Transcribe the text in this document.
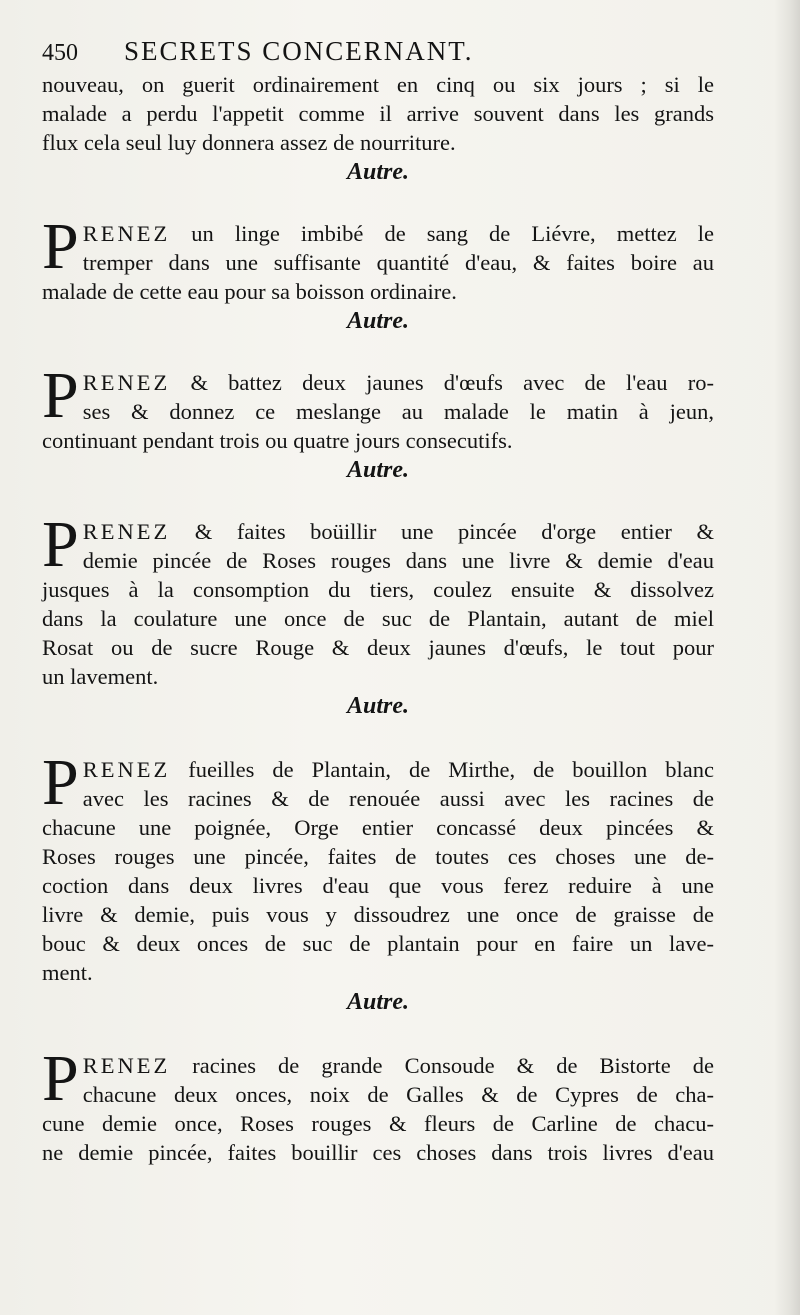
450	SECRETS CONCERNANT.

nouveau, on guerit ordinairement en cinq ou six jours ; si le

malade a perdu l'appetit comme il arrive souvent dans les grands

flux cela seul luy donnera assez de nourriture.

Autre.
P RENEZ un linge imbibé de sang de Liévre, mettez le

tremper dans une suffisante quantité d'eau, & faites boire au

malade de cette eau pour sa boisson ordinaire.

Autre.
P RENEZ & battez deux jaunes d'œufs avec de l'eau ro-

ses & donnez ce meslange au malade le matin à jeun,

continuant pendant trois ou quatre jours consecutifs.

Autre.
P RENEZ & faites boüillir une pincée d'orge entier &

demie pincée de Roses rouges dans une livre & demie d'eau

jusques à la consomption du tiers, coulez ensuite & dissolvez

dans la coulature une once de suc de Plantain, autant de miel

Rosat ou de sucre Rouge & deux jaunes d'œufs, le tout pour

un lavement.

Autre.
P RENEZ fueilles de Plantain, de Mirthe, de bouillon blanc

avec les racines & de renouée aussi avec les racines de

chacune une poignée, Orge entier concassé deux pincées &

Roses rouges une pincée, faites de toutes ces choses une de-

coction dans deux livres d'eau que vous ferez reduire à une

livre & demie, puis vous y dissoudrez une once de graisse de

bouc & deux onces de suc de plantain pour en faire un lave-

ment.

Autre.
P RENEZ racines de grande Consoude & de Bistorte de

chacune deux onces, noix de Galles & de Cypres de cha-

cune demie once, Roses rouges & fleurs de Carline de chacu-

ne demie pincée, faites bouillir ces choses dans trois livres d'eau
